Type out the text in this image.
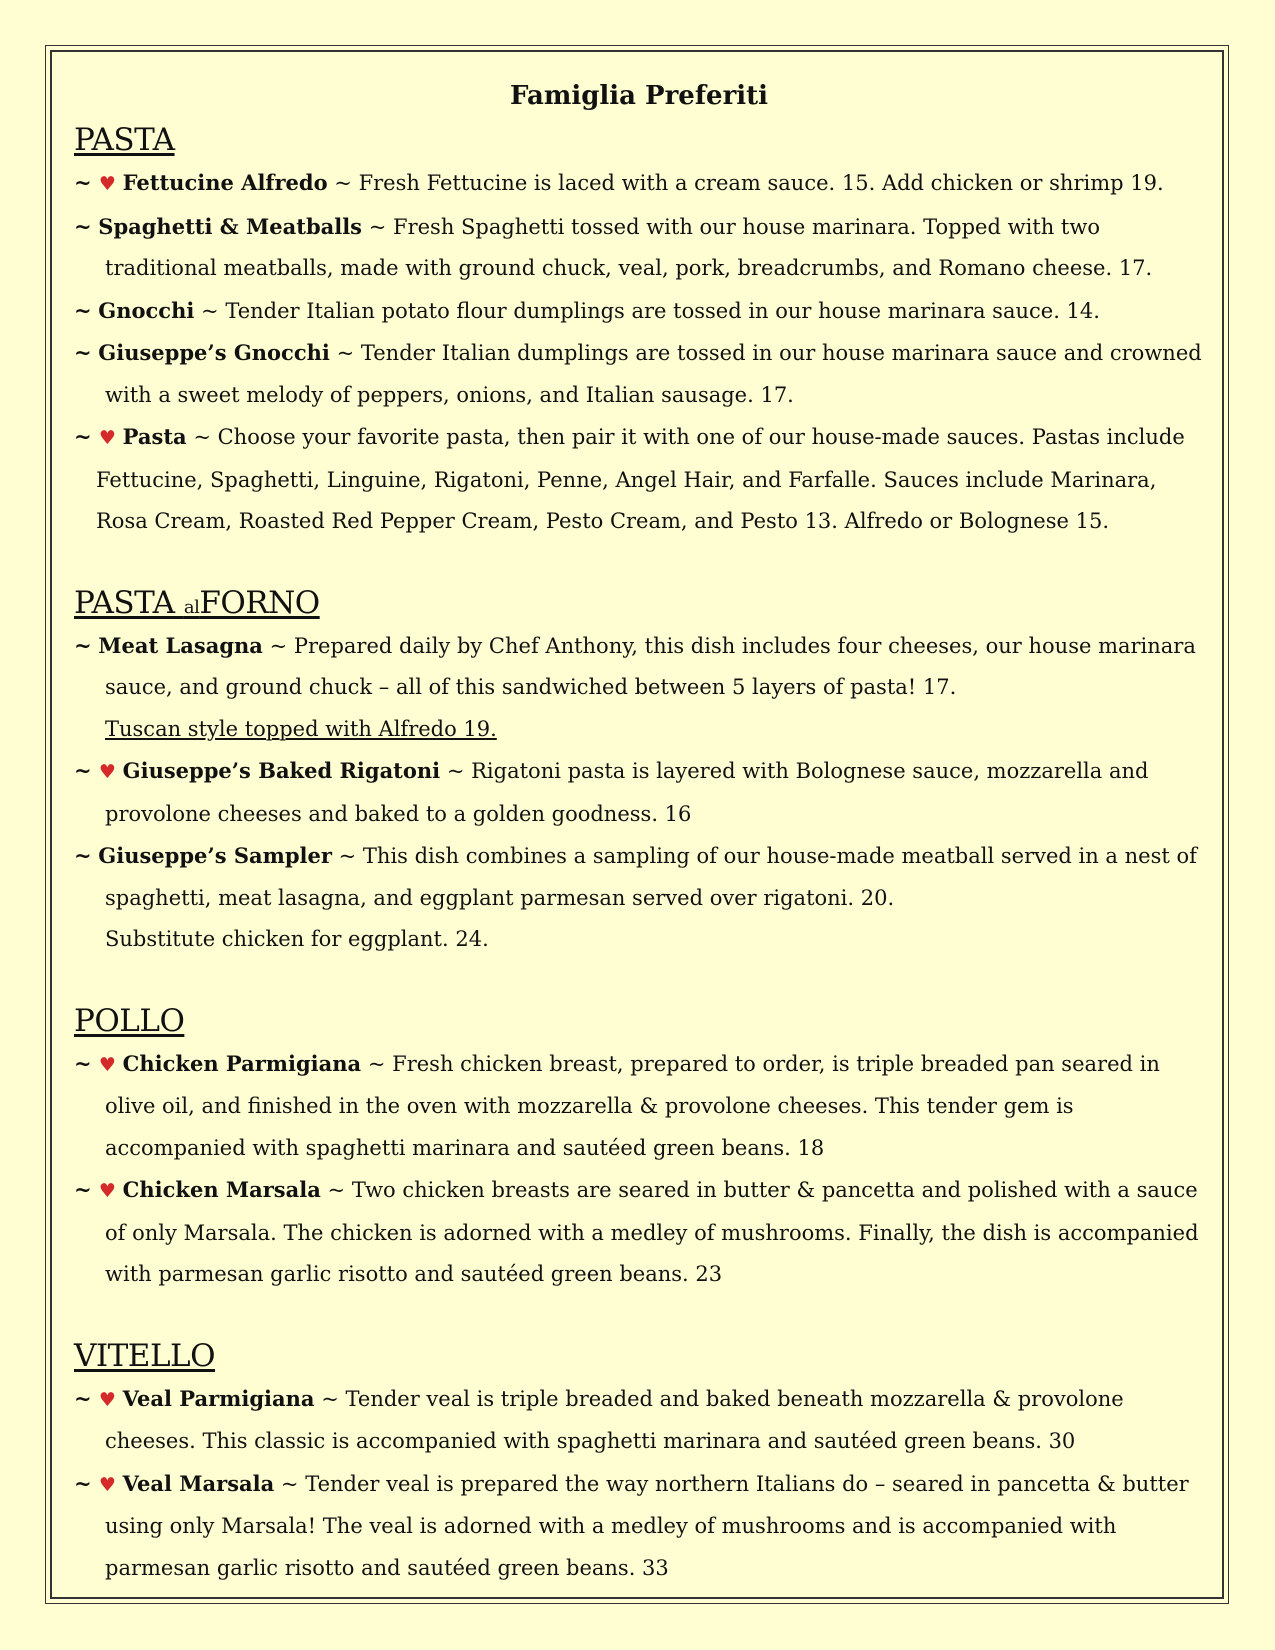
Famiglia Preferiti
PASTA
~ ♥ Fettucine Alfredo ~ Fresh Fettucine is laced with a cream sauce. 15. Add chicken or shrimp 19.
~ Spaghetti & Meatballs ~ Fresh Spaghetti tossed with our house marinara. Topped with two traditional meatballs, made with ground chuck, veal, pork, breadcrumbs, and Romano cheese. 17.
~ Gnocchi ~ Tender Italian potato flour dumplings are tossed in our house marinara sauce. 14.
~ Giuseppe’s Gnocchi ~ Tender Italian dumplings are tossed in our house marinara sauce and crowned with a sweet melody of peppers, onions, and Italian sausage. 17.
~ ♥ Pasta ~ Choose your favorite pasta, then pair it with one of our house-made sauces. Pastas include Fettucine, Spaghetti, Linguine, Rigatoni, Penne, Angel Hair, and Farfalle. Sauces include Marinara, Rosa Cream, Roasted Red Pepper Cream, Pesto Cream, and Pesto 13. Alfredo or Bolognese 15.
PASTA alFORNO
~ Meat Lasagna ~ Prepared daily by Chef Anthony, this dish includes four cheeses, our house marinara sauce, and ground chuck – all of this sandwiched between 5 layers of pasta! 17.
Tuscan style topped with Alfredo 19.
~ ♥ Giuseppe’s Baked Rigatoni ~ Rigatoni pasta is layered with Bolognese sauce, mozzarella and provolone cheeses and baked to a golden goodness. 16
~ Giuseppe’s Sampler ~ This dish combines a sampling of our house-made meatball served in a nest of spaghetti, meat lasagna, and eggplant parmesan served over rigatoni. 20.
Substitute chicken for eggplant. 24.
POLLO
~ ♥ Chicken Parmigiana ~ Fresh chicken breast, prepared to order, is triple breaded pan seared in olive oil, and finished in the oven with mozzarella & provolone cheeses. This tender gem is accompanied with spaghetti marinara and sautéed green beans. 18
~ ♥ Chicken Marsala ~ Two chicken breasts are seared in butter & pancetta and polished with a sauce of only Marsala. The chicken is adorned with a medley of mushrooms. Finally, the dish is accompanied with parmesan garlic risotto and sautéed green beans. 23
VITELLO
~ ♥ Veal Parmigiana ~ Tender veal is triple breaded and baked beneath mozzarella & provolone cheeses. This classic is accompanied with spaghetti marinara and sautéed green beans. 30
~ ♥ Veal Marsala ~ Tender veal is prepared the way northern Italians do – seared in pancetta & butter using only Marsala! The veal is adorned with a medley of mushrooms and is accompanied with parmesan garlic risotto and sautéed green beans. 33
